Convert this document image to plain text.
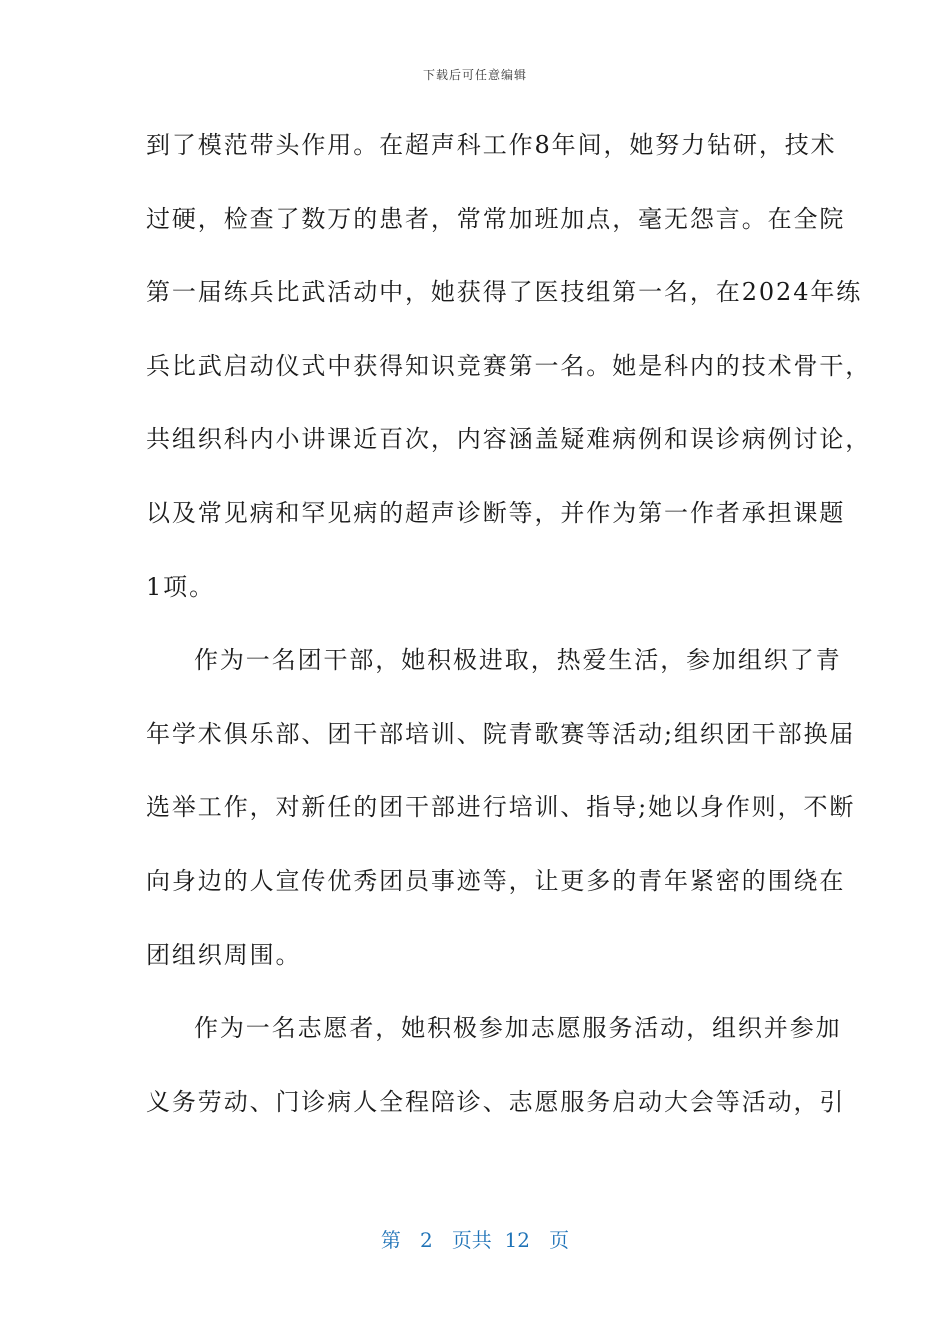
下载后可任意编辑
到了模范带头作用。在超声科工作8年间，她努力钻研，技术
过硬，检查了数万的患者，常常加班加点，毫无怨言。在全院
第一届练兵比武活动中，她获得了医技组第一名，在2024年练
兵比武启动仪式中获得知识竞赛第一名。她是科内的技术骨干，
共组织科内小讲课近百次，内容涵盖疑难病例和误诊病例讨论，
以及常见病和罕见病的超声诊断等，并作为第一作者承担课题
1项。
作为一名团干部，她积极进取，热爱生活，参加组织了青
年学术俱乐部、团干部培训、院青歌赛等活动;组织团干部换届
选举工作，对新任的团干部进行培训、指导;她以身作则，不断
向身边的人宣传优秀团员事迹等，让更多的青年紧密的围绕在
团组织周围。
作为一名志愿者，她积极参加志愿服务活动，组织并参加
义务劳动、门诊病人全程陪诊、志愿服务启动大会等活动，引
第 2 页共 12 页
